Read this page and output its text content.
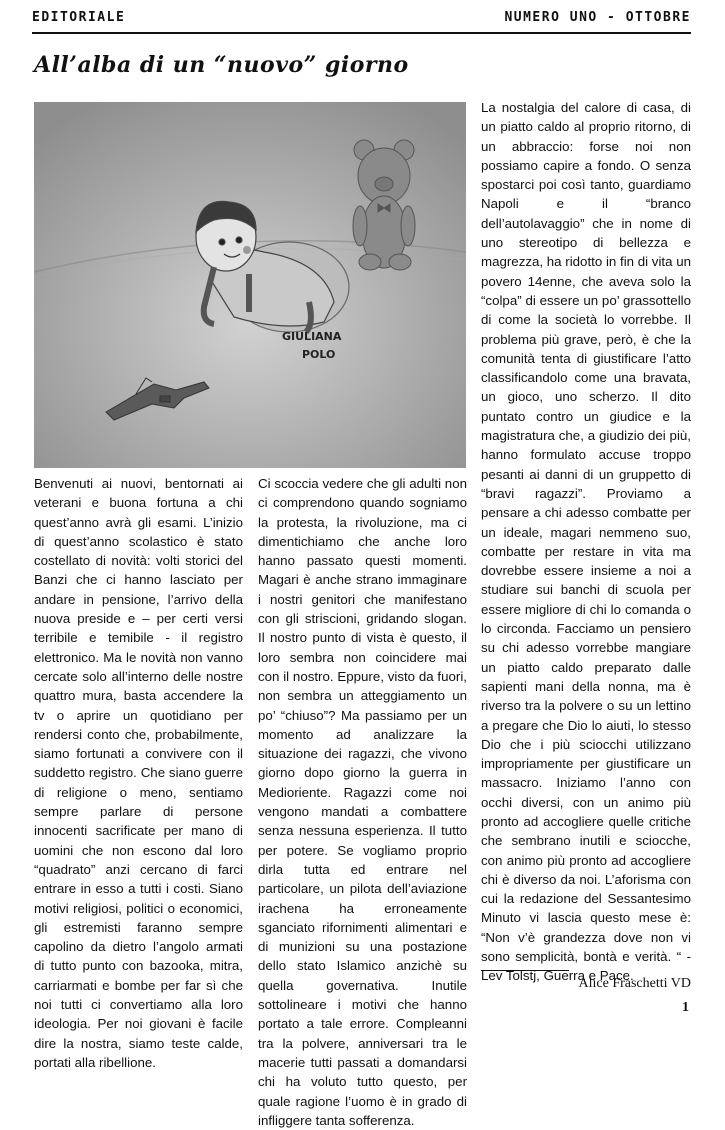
EDITORIALE	NUMERO UNO - OTTOBRE
All’alba di un “nuovo” giorno
GIULIANA
POLO

Benvenuti ai nuovi, bentornati ai veterani e buona fortuna a chi quest’anno avrà gli esami. L’inizio di quest’anno scolastico è stato costellato di novità: volti storici del Banzi che ci hanno lasciato per andare in pensione, l’arrivo della nuova preside e – per certi versi terribile e temibile - il registro elettronico. Ma le novità non vanno cercate solo all’interno delle nostre quattro mura, basta accendere la tv o aprire un quotidiano per rendersi conto che, probabilmente, siamo fortunati a convivere con il suddetto registro. Che siano guerre di religione o meno, sentiamo sempre parlare di persone innocenti sacrificate per mano di uomini che non escono dal loro “quadrato” anzi cercano di farci entrare in esso a tutti i costi. Siano motivi religiosi, politici o economici, gli estremisti faranno sempre capolino da dietro l’angolo armati di tutto punto con bazooka, mitra, carriarmati e bombe per far sì che noi tutti ci convertiamo alla loro ideologia. Per noi giovani è facile dire la nostra, siamo teste calde, portati alla ribellione.

Ci scoccia vedere che gli adulti non ci comprendono quando sogniamo la protesta, la rivoluzione, ma ci dimentichiamo che anche loro hanno passato questi momenti. Magari è anche strano immaginare i nostri genitori che manifestano con gli striscioni, gridando slogan. Il nostro punto di vista è questo, il loro sembra non coincidere mai con il nostro. Eppure, visto da fuori, non sembra un atteggiamento un po’ “chiuso”? Ma passiamo per un momento ad analizzare la situazione dei ragazzi, che vivono giorno dopo giorno la guerra in Medioriente. Ragazzi come noi vengono mandati a combattere senza nessuna esperienza. Il tutto per potere. Se vogliamo proprio dirla tutta ed entrare nel particolare, un pilota dell’aviazione irachena ha erroneamente sganciato rifornimenti alimentari e di munizioni su una postazione dello stato Islamico anzichè su quella governativa. Inutile sottolineare i motivi che hanno portato a tale errore. Compleanni tra la polvere, anniversari tra le macerie tutti passati a domandarsi chi ha voluto tutto questo, per quale ragione l’uomo è in grado di infliggere tanta sofferenza.

La nostalgia del calore di casa, di un piatto caldo al proprio ritorno, di un abbraccio: forse noi non possiamo capire a fondo. O senza spostarci poi così tanto, guardiamo Napoli e il “branco dell’autolavaggio” che in nome di uno stereotipo di bellezza e magrezza, ha ridotto in fin di vita un povero 14enne, che aveva solo la “colpa” di essere un po’ grassottello di come la società lo vorrebbe. Il problema più grave, però, è che la comunità tenta di giustificare l’atto classificandolo come una bravata, un gioco, uno scherzo. Il dito puntato contro un giudice e la magistratura che, a giudizio dei più, hanno formulato accuse troppo pesanti ai danni di un gruppetto di “bravi ragazzi”. Proviamo a pensare a chi adesso combatte per un ideale, magari nemmeno suo, combatte per restare in vita ma dovrebbe essere insieme a noi a studiare sui banchi di scuola per essere migliore di chi lo comanda o lo circonda. Facciamo un pensiero su chi adesso vorrebbe mangiare un piatto caldo preparato dalle sapienti mani della nonna, ma è riverso tra la polvere o su un lettino a pregare che Dio lo aiuti, lo stesso Dio che i più sciocchi utilizzano impropriamente per giustificare un massacro. Iniziamo l’anno con occhi diversi, con un animo più pronto ad accogliere quelle critiche che sembrano inutili e sciocche, con animo più pronto ad accogliere chi è diverso da noi. L’aforisma con cui la redazione del Sessantesimo Minuto vi lascia questo mese è: “Non v’è grandezza dove non vi sono semplicità, bontà e verità. “ -Lev Tolstj, Guerra e Pace.

Alice Fraschetti VD
1
